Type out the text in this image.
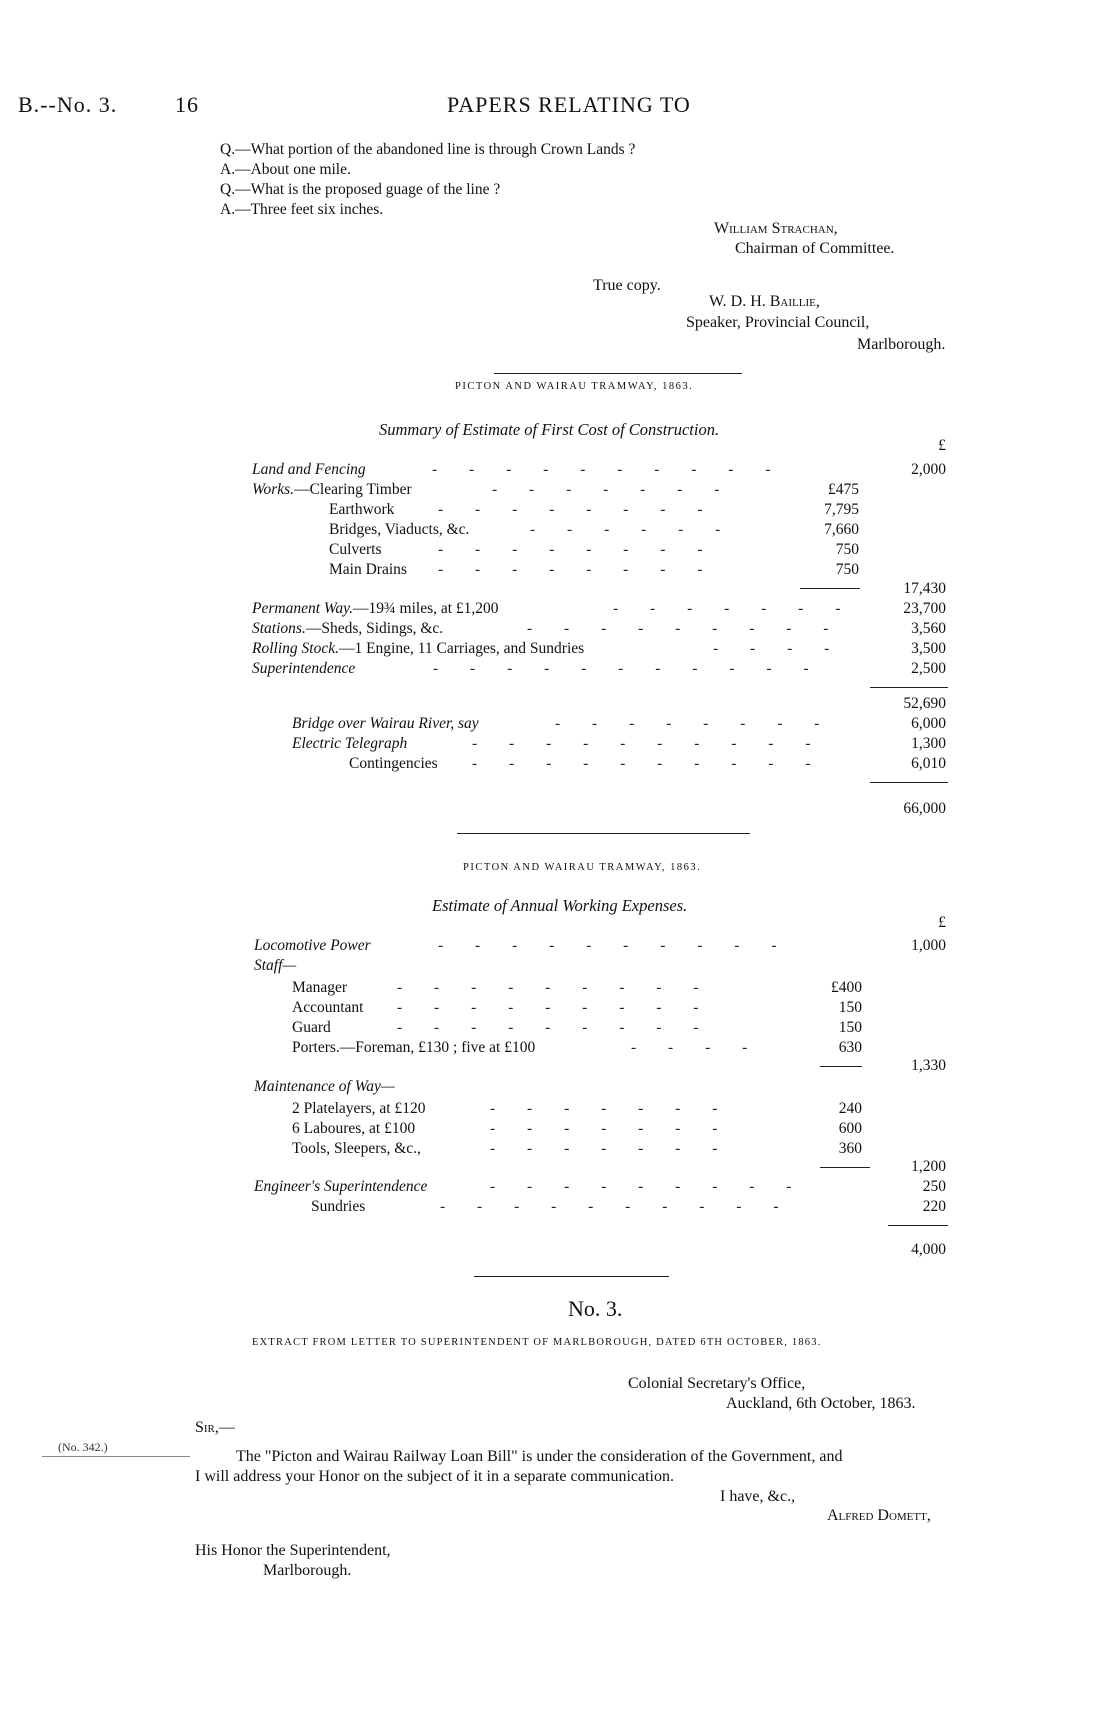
B.--No. 3.	16	PAPERS RELATING TO
Q.—What portion of the abandoned line is through Crown Lands ?
A.—About one mile.
Q.—What is the proposed guage of the line ?
A.—Three feet six inches.
William Strachan,
Chairman of Committee.
True copy.
W. D. H. Baillie,
Speaker, Provincial Council,
Marlborough.
PICTON AND WAIRAU TRAMWAY, 1863.
Summary of Estimate of First Cost of Construction.
£
Land and Fencing	- - - - - - - - - -	2,000
Works.—Clearing Timber	- - - - - - -	£475
Earthwork	- - - - - - - -	7,795
Bridges, Viaducts, &c.	- - - - - -	7,660
Culverts	- - - - - - - -	750
Main Drains - - - - - - - -	750
17,430
Permanent Way.—19¾ miles, at £1,200	- - - - - - -	23,700
Stations.—Sheds, Sidings, &c.	- - - - - - - - -	3,560
Rolling Stock.—1 Engine, 11 Carriages, and Sundries	- - - -	3,500
Superintendence	- - - - - - - - - - -	2,500
52,690
Bridge over Wairau River, say	- - - - - - - -	6,000
Electric Telegraph	- - - - - - - - - -	1,300
Contingencies - - - - - - - - - -	6,010
66,000
PICTON AND WAIRAU TRAMWAY, 1863.
Estimate of Annual Working Expenses.
£
Locomotive Power	- - - - - - - - - -	1,000
Staff—
Manager	- - - - - - - - -	£400
Accountant - - - - - - - - -	150
Guard	- - - - - - - - -	150
Porters.—Foreman, £130 ; five at £100	- - - -	630
1,330
Maintenance of Way—
2 Platelayers, at £120	- - - - - - -	240
6 Laboures, at £100	- - - - - - -	600
Tools, Sleepers, &c.,	- - - - - - -	360
1,200
Engineer's Superintendence	- - - - - - - - -	250
Sundries	- - - - - - - - - -	220
4,000
No. 3.
EXTRACT FROM LETTER TO SUPERINTENDENT OF MARLBOROUGH, DATED 6TH OCTOBER, 1863.
Colonial Secretary's Office,
Auckland, 6th October, 1863.
(No. 342.)
Sir,—
The "Picton and Wairau Railway Loan Bill" is under the consideration of the Government, and
I will address your Honor on the subject of it in a separate communication.
I have, &c.,
Alfred Domett,
His Honor the Superintendent,
Marlborough.
